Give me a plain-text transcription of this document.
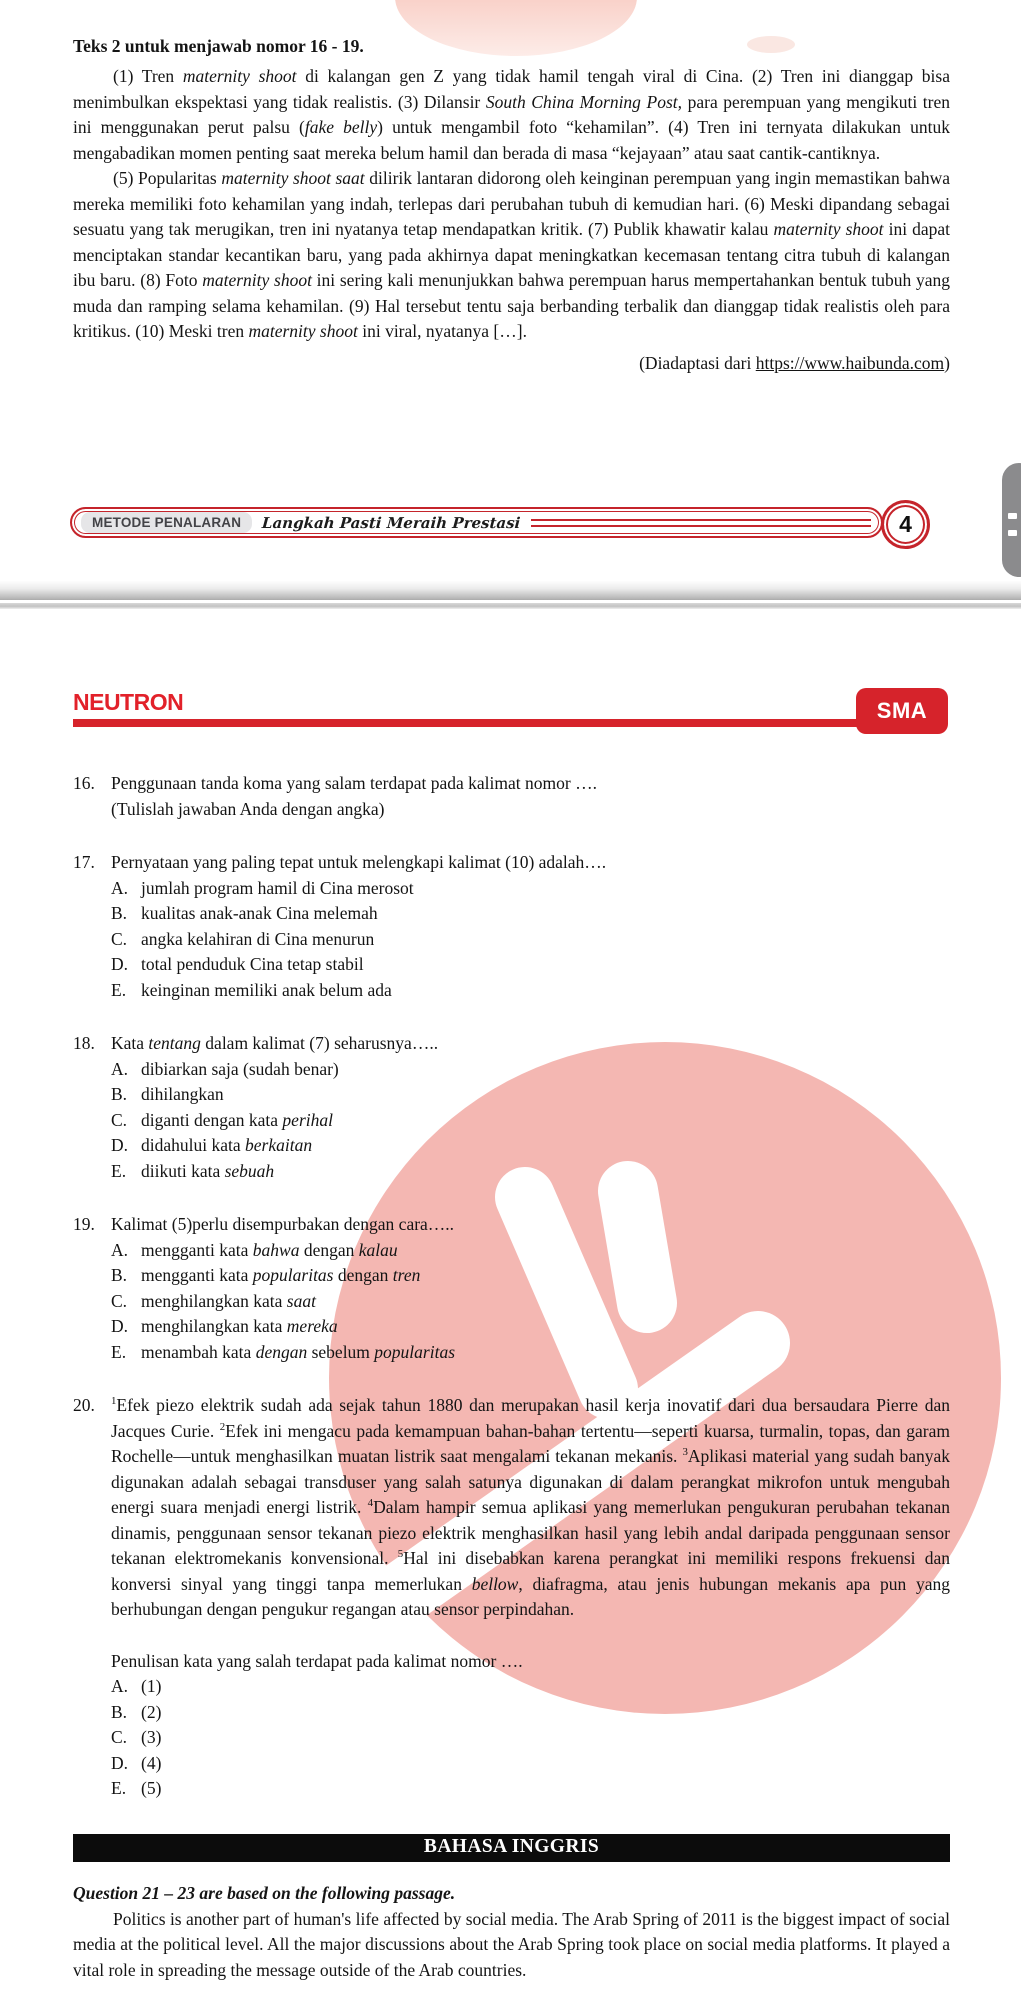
Teks 2 untuk menjawab nomor 16 - 19.

(1) Tren maternity shoot di kalangan gen Z yang tidak hamil tengah viral di Cina. (2) Tren ini dianggap bisa menimbulkan ekspektasi yang tidak realistis. (3) Dilansir South China Morning Post, para perempuan yang mengikuti tren ini menggunakan perut palsu (fake belly) untuk mengambil foto “kehamilan”. (4) Tren ini ternyata dilakukan untuk mengabadikan momen penting saat mereka belum hamil dan berada di masa “kejayaan” atau saat cantik-cantiknya.

(5) Popularitas maternity shoot saat dilirik lantaran didorong oleh keinginan perempuan yang ingin memastikan bahwa mereka memiliki foto kehamilan yang indah, terlepas dari perubahan tubuh di kemudian hari. (6) Meski dipandang sebagai sesuatu yang tak merugikan, tren ini nyatanya tetap mendapatkan kritik. (7) Publik khawatir kalau maternity shoot ini dapat menciptakan standar kecantikan baru, yang pada akhirnya dapat meningkatkan kecemasan tentang citra tubuh di kalangan ibu baru. (8) Foto maternity shoot ini sering kali menunjukkan bahwa perempuan harus mempertahankan bentuk tubuh yang muda dan ramping selama kehamilan. (9) Hal tersebut tentu saja berbanding terbalik dan dianggap tidak realistis oleh para kritikus. (10) Meski tren maternity shoot ini viral, nyatanya […].

(Diadaptasi dari https://www.haibunda.com)

METODE PENALARAN	Langkah Pasti Meraih Prestasi	4
NEUTRON	SMA
16. Penggunaan tanda koma yang salam terdapat pada kalimat nomor ….

(Tulislah jawaban Anda dengan angka)

17. Pernyataan yang paling tepat untuk melengkapi kalimat (10) adalah….

A. jumlah program hamil di Cina merosot
B. kualitas anak-anak Cina melemah
C. angka kelahiran di Cina menurun
D. total penduduk Cina tetap stabil
E. keinginan memiliki anak belum ada
18. Kata tentang dalam kalimat (7) seharusnya…..

A. dibiarkan saja (sudah benar)
B. dihilangkan
C. diganti dengan kata perihal
D. didahului kata berkaitan
E. diikuti kata sebuah
19. Kalimat (5)perlu disempurbakan dengan cara…..

A. mengganti kata bahwa dengan kalau
B. mengganti kata popularitas dengan tren
C. menghilangkan kata saat
D. menghilangkan kata mereka
E. menambah kata dengan sebelum popularitas
20.	$^1$Efek piezo elektrik sudah ada sejak tahun 1880 dan merupakan hasil kerja inovatif dari dua bersaudara Pierre dan Jacques Curie. $^2$Efek ini mengacu pada kemampuan bahan-bahan tertentu—seperti kuarsa, turmalin, topas, dan garam Rochelle—untuk menghasilkan muatan listrik saat mengalami tekanan mekanis. $^3$Aplikasi material yang sudah banyak digunakan adalah sebagai transduser yang salah satunya digunakan di dalam perangkat mikrofon untuk mengubah energi suara menjadi energi listrik. $^4$Dalam hampir semua aplikasi yang memerlukan pengukuran perubahan tekanan dinamis, penggunaan sensor tekanan piezo elektrik menghasilkan hasil yang lebih andal daripada penggunaan sensor tekanan elektromekanis konvensional. $^5$Hal ini disebabkan karena perangkat ini memiliki respons frekuensi dan konversi sinyal yang tinggi tanpa memerlukan bellow, diafragma, atau jenis hubungan mekanis apa pun yang berhubungan dengan pengukur regangan atau sensor perpindahan.

Penulisan kata yang salah terdapat pada kalimat nomor ….

A. (1)
B. (2)
C. (3)
D. (4)
E. (5)
BAHASA INGGRIS

Question 21 – 23 are based on the following passage.

Politics is another part of human's life affected by social media. The Arab Spring of 2011 is the biggest impact of social media at the political level. All the major discussions about the Arab Spring took place on social media platforms. It played a vital role in spreading the message outside of the Arab countries.
